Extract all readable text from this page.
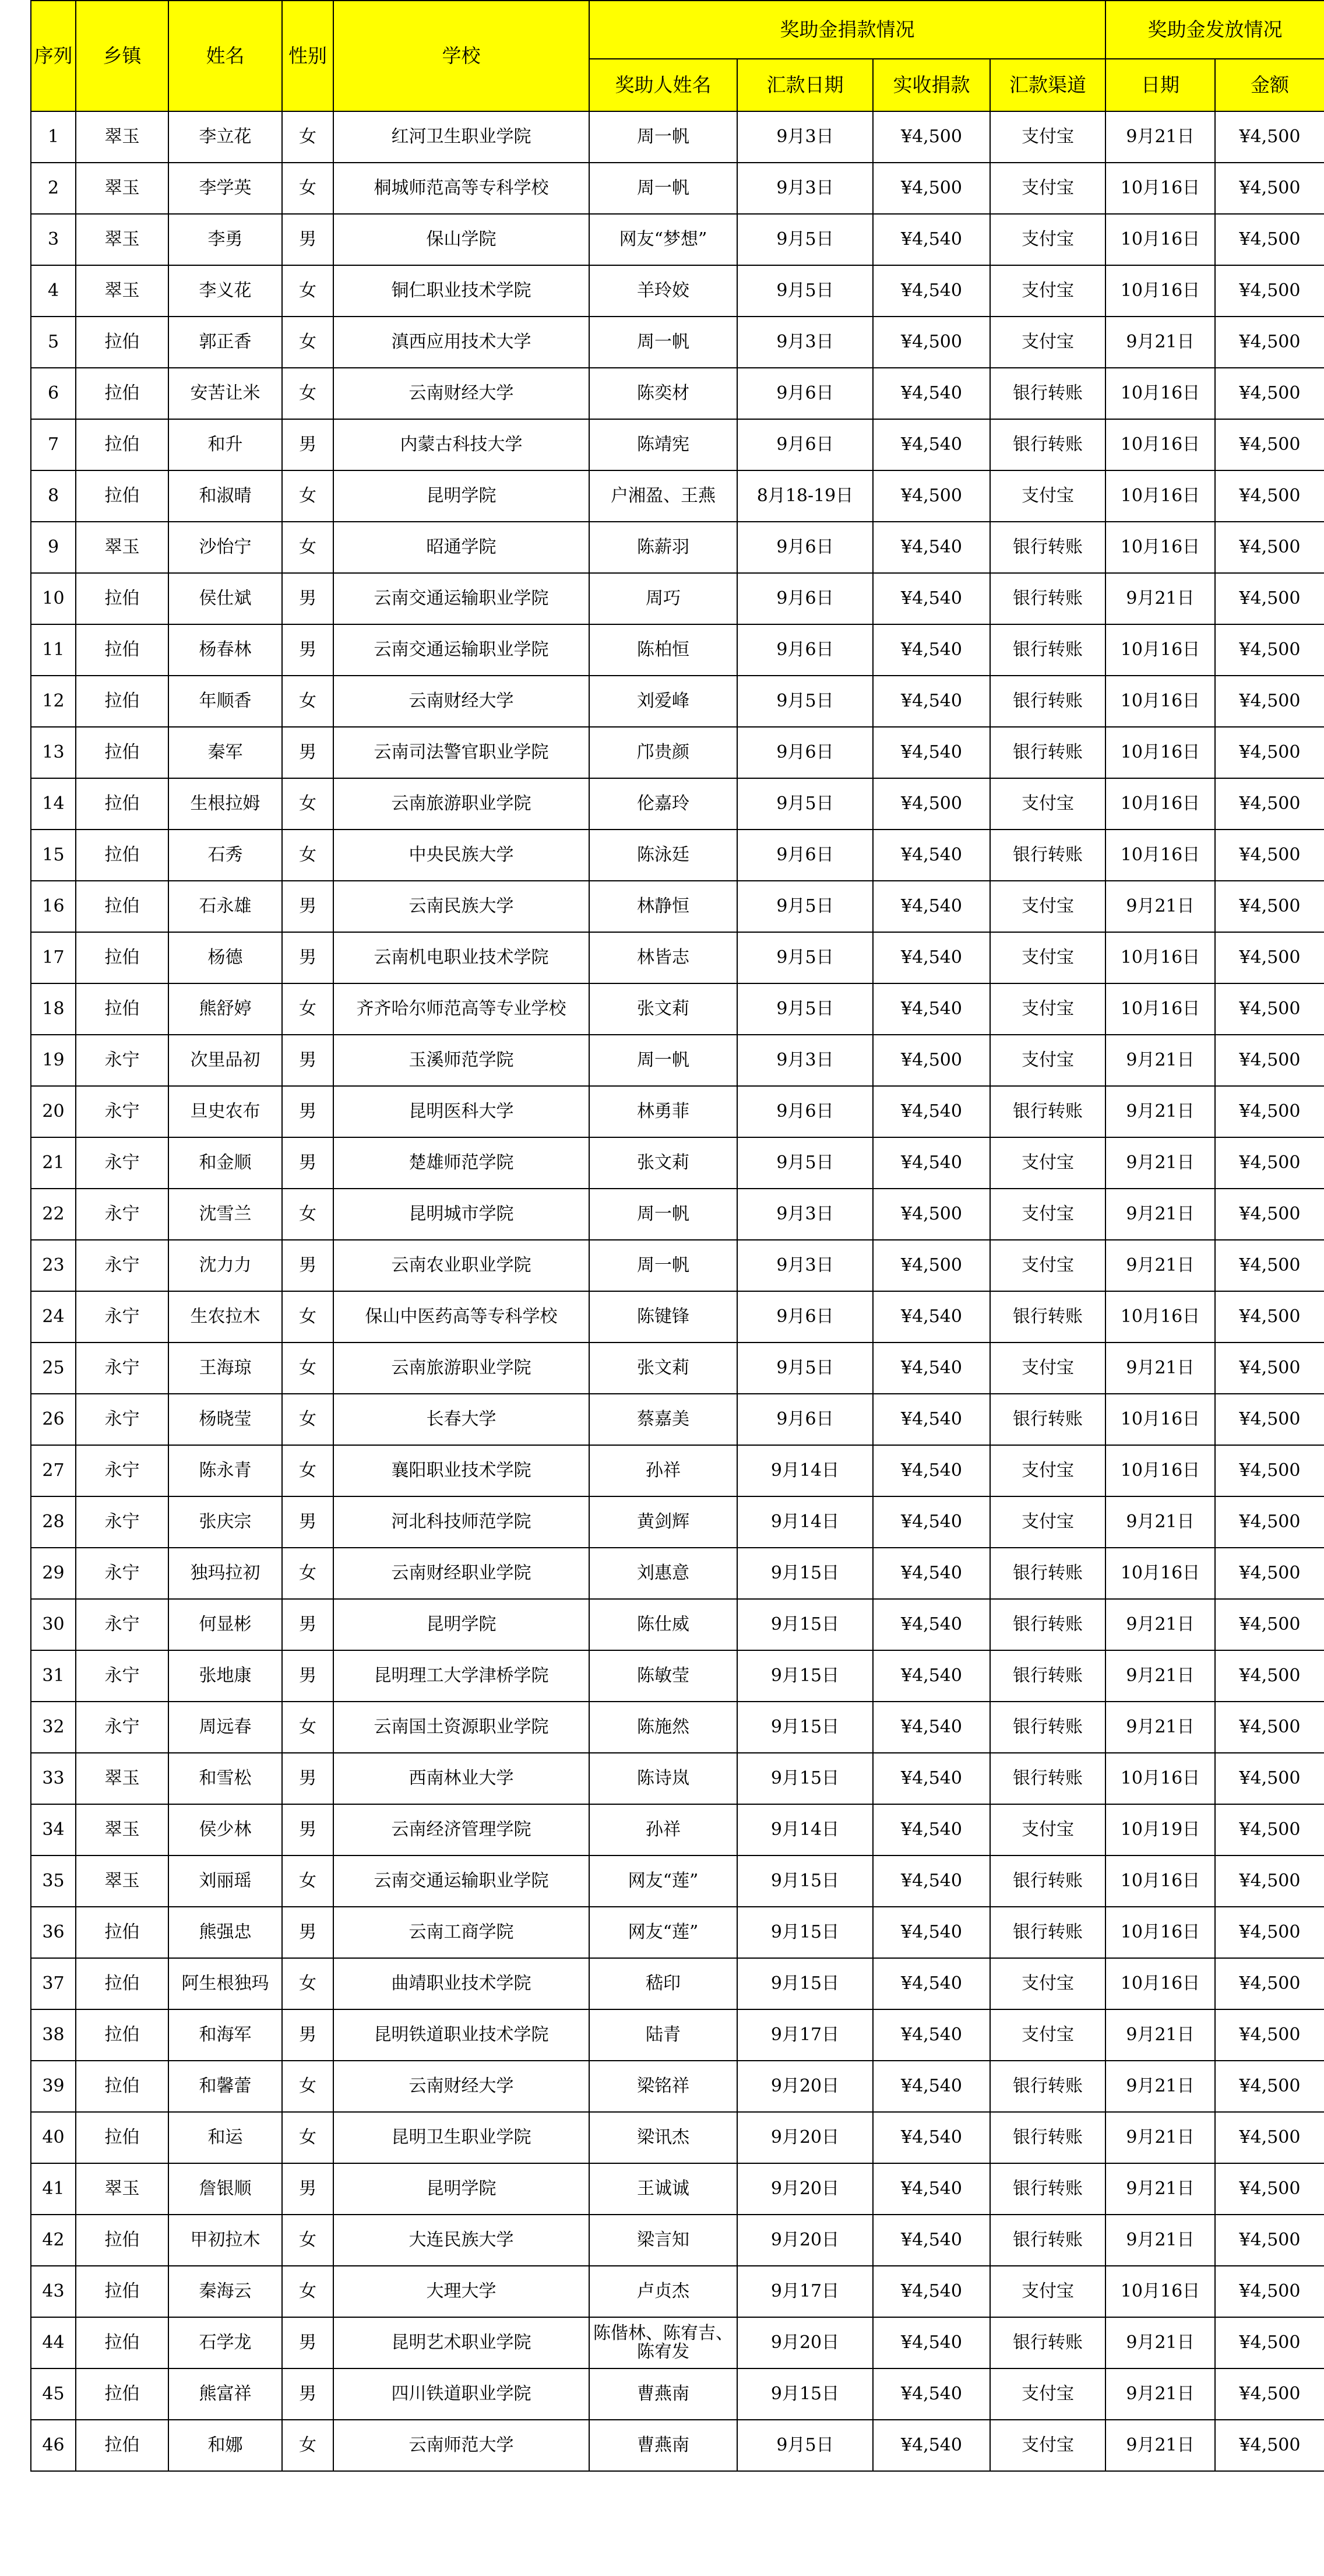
序列	乡镇	姓名	性别	学校	奖助金捐款情况				奖助金发放情况	
					奖助人姓名	汇款日期	实收捐款	汇款渠道	日期	金额
1	翠玉	李立花	女	红河卫生职业学院	周一帆	9月3日	¥4,500	支付宝	9月21日	¥4,500
2	翠玉	李学英	女	桐城师范高等专科学校	周一帆	9月3日	¥4,500	支付宝	10月16日	¥4,500
3	翠玉	李勇	男	保山学院	网友“梦想”	9月5日	¥4,540	支付宝	10月16日	¥4,500
4	翠玉	李义花	女	铜仁职业技术学院	羊玲姣	9月5日	¥4,540	支付宝	10月16日	¥4,500
5	拉伯	郭正香	女	滇西应用技术大学	周一帆	9月3日	¥4,500	支付宝	9月21日	¥4,500
6	拉伯	安苦让米	女	云南财经大学	陈奕材	9月6日	¥4,540	银行转账	10月16日	¥4,500
7	拉伯	和升	男	内蒙古科技大学	陈靖宪	9月6日	¥4,540	银行转账	10月16日	¥4,500
8	拉伯	和淑晴	女	昆明学院	户湘盈、王燕	8月18-19日	¥4,500	支付宝	10月16日	¥4,500
9	翠玉	沙怡宁	女	昭通学院	陈薪羽	9月6日	¥4,540	银行转账	10月16日	¥4,500
10	拉伯	侯仕斌	男	云南交通运输职业学院	周巧	9月6日	¥4,540	银行转账	9月21日	¥4,500
11	拉伯	杨春林	男	云南交通运输职业学院	陈柏恒	9月6日	¥4,540	银行转账	10月16日	¥4,500
12	拉伯	年顺香	女	云南财经大学	刘爱峰	9月5日	¥4,540	银行转账	10月16日	¥4,500
13	拉伯	秦军	男	云南司法警官职业学院	邝贵颜	9月6日	¥4,540	银行转账	10月16日	¥4,500
14	拉伯	生根拉姆	女	云南旅游职业学院	伦嘉玲	9月5日	¥4,500	支付宝	10月16日	¥4,500
15	拉伯	石秀	女	中央民族大学	陈泳廷	9月6日	¥4,540	银行转账	10月16日	¥4,500
16	拉伯	石永雄	男	云南民族大学	林静恒	9月5日	¥4,540	支付宝	9月21日	¥4,500
17	拉伯	杨德	男	云南机电职业技术学院	林皆志	9月5日	¥4,540	支付宝	10月16日	¥4,500
18	拉伯	熊舒婷	女	齐齐哈尔师范高等专业学校	张文莉	9月5日	¥4,540	支付宝	10月16日	¥4,500
19	永宁	次里品初	男	玉溪师范学院	周一帆	9月3日	¥4,500	支付宝	9月21日	¥4,500
20	永宁	旦史农布	男	昆明医科大学	林勇菲	9月6日	¥4,540	银行转账	9月21日	¥4,500
21	永宁	和金顺	男	楚雄师范学院	张文莉	9月5日	¥4,540	支付宝	9月21日	¥4,500
22	永宁	沈雪兰	女	昆明城市学院	周一帆	9月3日	¥4,500	支付宝	9月21日	¥4,500
23	永宁	沈力力	男	云南农业职业学院	周一帆	9月3日	¥4,500	支付宝	9月21日	¥4,500
24	永宁	生农拉木	女	保山中医药高等专科学校	陈键锋	9月6日	¥4,540	银行转账	10月16日	¥4,500
25	永宁	王海琼	女	云南旅游职业学院	张文莉	9月5日	¥4,540	支付宝	9月21日	¥4,500
26	永宁	杨晓莹	女	长春大学	蔡嘉美	9月6日	¥4,540	银行转账	10月16日	¥4,500
27	永宁	陈永青	女	襄阳职业技术学院	孙祥	9月14日	¥4,540	支付宝	10月16日	¥4,500
28	永宁	张庆宗	男	河北科技师范学院	黄剑辉	9月14日	¥4,540	支付宝	9月21日	¥4,500
29	永宁	独玛拉初	女	云南财经职业学院	刘惠意	9月15日	¥4,540	银行转账	10月16日	¥4,500
30	永宁	何显彬	男	昆明学院	陈仕威	9月15日	¥4,540	银行转账	9月21日	¥4,500
31	永宁	张地康	男	昆明理工大学津桥学院	陈敏莹	9月15日	¥4,540	银行转账	9月21日	¥4,500
32	永宁	周远春	女	云南国土资源职业学院	陈施然	9月15日	¥4,540	银行转账	9月21日	¥4,500
33	翠玉	和雪松	男	西南林业大学	陈诗岚	9月15日	¥4,540	银行转账	10月16日	¥4,500
34	翠玉	侯少林	男	云南经济管理学院	孙祥	9月14日	¥4,540	支付宝	10月19日	¥4,500
35	翠玉	刘丽瑶	女	云南交通运输职业学院	网友“莲”	9月15日	¥4,540	银行转账	10月16日	¥4,500
36	拉伯	熊强忠	男	云南工商学院	网友“莲”	9月15日	¥4,540	银行转账	10月16日	¥4,500
37	拉伯	阿生根独玛	女	曲靖职业技术学院	嵇印	9月15日	¥4,540	支付宝	10月16日	¥4,500
38	拉伯	和海军	男	昆明铁道职业技术学院	陆青	9月17日	¥4,540	支付宝	9月21日	¥4,500
39	拉伯	和馨蕾	女	云南财经大学	梁铭祥	9月20日	¥4,540	银行转账	9月21日	¥4,500
40	拉伯	和运	女	昆明卫生职业学院	梁讯杰	9月20日	¥4,540	银行转账	9月21日	¥4,500
41	翠玉	詹银顺	男	昆明学院	王诚诚	9月20日	¥4,540	银行转账	9月21日	¥4,500
42	拉伯	甲初拉木	女	大连民族大学	梁言知	9月20日	¥4,540	银行转账	9月21日	¥4,500
43	拉伯	秦海云	女	大理大学	卢贞杰	9月17日	¥4,540	支付宝	10月16日	¥4,500
44	拉伯	石学龙	男	昆明艺术职业学院	陈偕林、陈宥吉、陈宥发	9月20日	¥4,540	银行转账	9月21日	¥4,500
45	拉伯	熊富祥	男	四川铁道职业学院	曹燕南	9月15日	¥4,540	支付宝	9月21日	¥4,500
46	拉伯	和娜	女	云南师范大学	曹燕南	9月5日	¥4,540	支付宝	9月21日	¥4,500
